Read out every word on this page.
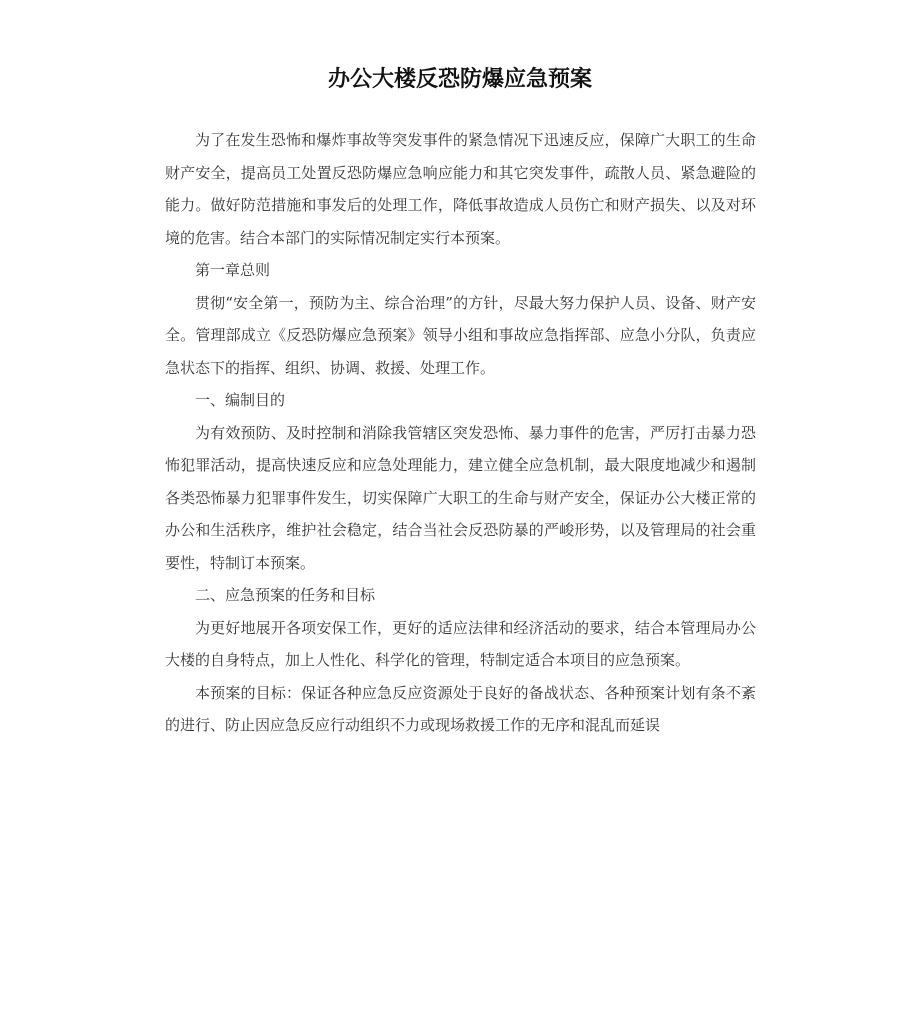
办公大楼反恐防爆应急预案

为了在发生恐怖和爆炸事故等突发事件的紧急情况下迅速反应，保障广大职工的生命财产安全，提高员工处置反恐防爆应急响应能力和其它突发事件，疏散人员、紧急避险的能力。做好防范措施和事发后的处理工作，降低事故造成人员伤亡和财产损失、以及对环境的危害。结合本部门的实际情况制定实行本预案。

第一章总则

贯彻“安全第一，预防为主、综合治理”的方针，尽最大努力保护人员、设备、财产安全。管理部成立《反恐防爆应急预案》领导小组和事故应急指挥部、应急小分队，负责应急状态下的指挥、组织、协调、救援、处理工作。

一、编制目的

为有效预防、及时控制和消除我管辖区突发恐怖、暴力事件的危害，严厉打击暴力恐怖犯罪活动，提高快速反应和应急处理能力，建立健全应急机制，最大限度地减少和遏制各类恐怖暴力犯罪事件发生，切实保障广大职工的生命与财产安全，保证办公大楼正常的办公和生活秩序，维护社会稳定，结合当社会反恐防暴的严峻形势，以及管理局的社会重要性，特制订本预案。

二、应急预案的任务和目标

为更好地展开各项安保工作，更好的适应法律和经济活动的要求，结合本管理局办公大楼的自身特点，加上人性化、科学化的管理，特制定适合本项目的应急预案。

本预案的目标：保证各种应急反应资源处于良好的备战状态、各种预案计划有条不紊的进行、防止因应急反应行动组织不力或现场救援工作的无序和混乱而延误
